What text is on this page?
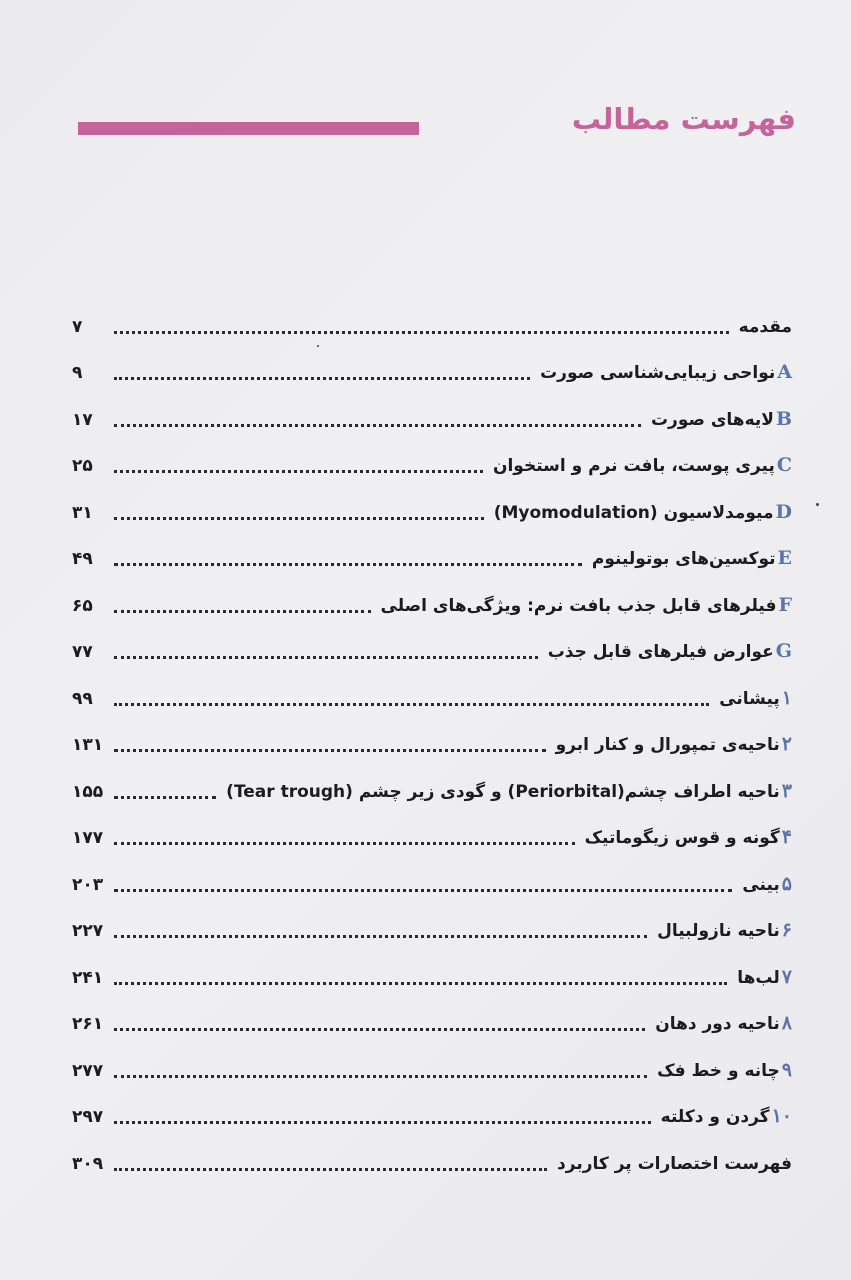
فهرست مطالب
مقدمه
۷
Aنواحی زیبایی‌شناسی صورت
۹
Bلایه‌های صورت
۱۷
Cپیری پوست، بافت نرم و استخوان
۲۵
Dمیومدلاسیون (Myomodulation)
۳۱
Eتوکسین‌های بوتولینوم
۴۹
Fفیلرهای قابل جذب بافت نرم: ویژگی‌های اصلی
۶۵
Gعوارض فیلرهای قابل جذب
۷۷
۱پیشانی
۹۹
۲ناحیه‌ی تمپورال و کنار ابرو
۱۳۱
۳ناحیه اطراف چشم(Periorbital) و گودی زیر چشم (Tear trough)
۱۵۵
۴گونه و قوس زیگوماتیک
۱۷۷
۵بینی
۲۰۳
۶ناحیه نازولبیال
۲۲۷
۷لب‌ها
۲۴۱
۸ناحیه دور دهان
۲۶۱
۹چانه و خط فک
۲۷۷
۱۰گردن و دکلته
۲۹۷
فهرست اختصارات پر کاربرد
۳۰۹
